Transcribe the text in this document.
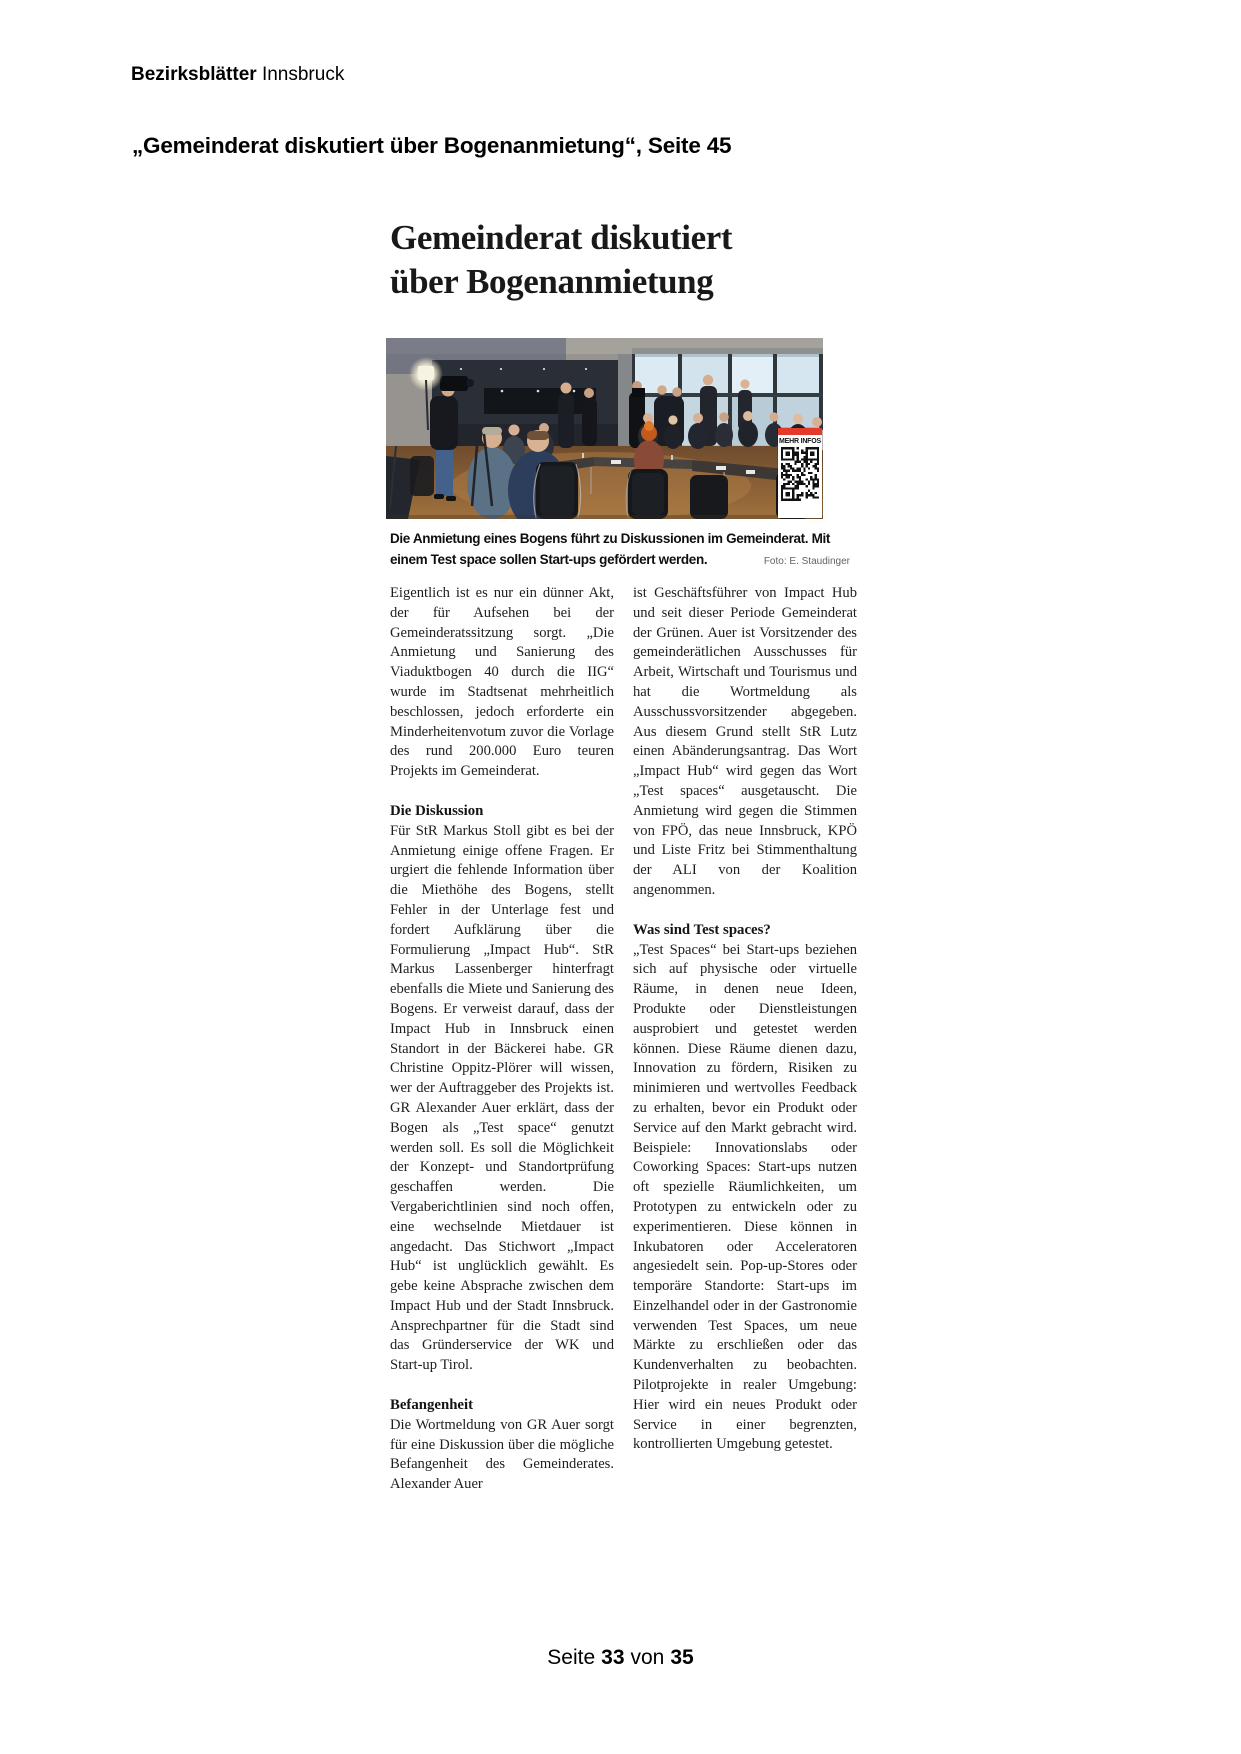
Bezirksblätter Innsbruck
„Gemeinderat diskutiert über Bogenanmietung“, Seite 45
Gemeinderat diskutiert
über Bogenanmietung
MEHR INFOS
Die Anmietung eines Bogens führt zu Diskussionen im Gemeinderat. Mit
einem Test space sollen Start-ups gefördert werden.	Foto: E. Staudinger

Eigentlich ist es nur ein dünner Akt, der für Aufsehen bei der Gemeinderatssitzung sorgt. „Die Anmietung und Sanierung des Viaduktbogen 40 durch die IIG“ wurde im Stadtsenat mehrheitlich beschlossen, jedoch erforderte ein Minderheitenvotum zuvor die Vorlage des rund 200.000 Euro teuren Projekts im Gemeinderat.

Die Diskussion

Für StR Markus Stoll gibt es bei der Anmietung einige offene Fragen. Er urgiert die fehlende Information über die Miethöhe des Bogens, stellt Fehler in der Unterlage fest und fordert Aufklärung über die Formulierung „Impact Hub“. StR Markus Lassenberger hinterfragt ebenfalls die Miete und Sanierung des Bogens. Er verweist darauf, dass der Impact Hub in Innsbruck einen Standort in der Bäckerei habe. GR Christine Oppitz-Plörer will wissen, wer der Auftraggeber des Projekts ist. GR Alexander Auer erklärt, dass der Bogen als „Test space“ genutzt werden soll. Es soll die Möglichkeit der Konzept- und Standortprüfung geschaffen werden. Die Vergaberichtlinien sind noch offen, eine wechselnde Mietdauer ist angedacht. Das Stichwort „Impact Hub“ ist unglücklich gewählt. Es gebe keine Absprache zwischen dem Impact Hub und der Stadt Innsbruck. Ansprechpartner für die Stadt sind das Gründerservice der WK und Start-up Tirol.

Befangenheit

Die Wortmeldung von GR Auer sorgt für eine Diskussion über die mögliche Befangenheit des Gemeinderates. Alexander Auer

ist Geschäftsführer von Impact Hub und seit dieser Periode Gemeinderat der Grünen. Auer ist Vorsitzender des gemeinderätlichen Ausschusses für Arbeit, Wirtschaft und Tourismus und hat die Wortmeldung als Ausschussvorsitzender abgegeben. Aus diesem Grund stellt StR Lutz einen Abänderungsantrag. Das Wort „Impact Hub“ wird gegen das Wort „Test spaces“ ausgetauscht. Die Anmietung wird gegen die Stimmen von FPÖ, das neue Innsbruck, KPÖ und Liste Fritz bei Stimmenthaltung der ALI von der Koalition angenommen.

Was sind Test spaces?

„Test Spaces“ bei Start-ups beziehen sich auf physische oder virtuelle Räume, in denen neue Ideen, Produkte oder Dienstleistungen ausprobiert und getestet werden können. Diese Räume dienen dazu, Innovation zu fördern, Risiken zu minimieren und wertvolles Feedback zu erhalten, bevor ein Produkt oder Service auf den Markt gebracht wird. Beispiele: Innovationslabs oder Coworking Spaces: Start-ups nutzen oft spezielle Räumlichkeiten, um Prototypen zu entwickeln oder zu experimentieren. Diese können in Inkubatoren oder Acceleratoren angesiedelt sein. Pop-up-Stores oder temporäre Standorte: Start-ups im Einzelhandel oder in der Gastronomie verwenden Test Spaces, um neue Märkte zu erschließen oder das Kundenverhalten zu beobachten. Pilotprojekte in realer Umgebung: Hier wird ein neues Produkt oder Service in einer begrenzten, kontrollierten Umgebung getestet.

Seite 33 von 35
